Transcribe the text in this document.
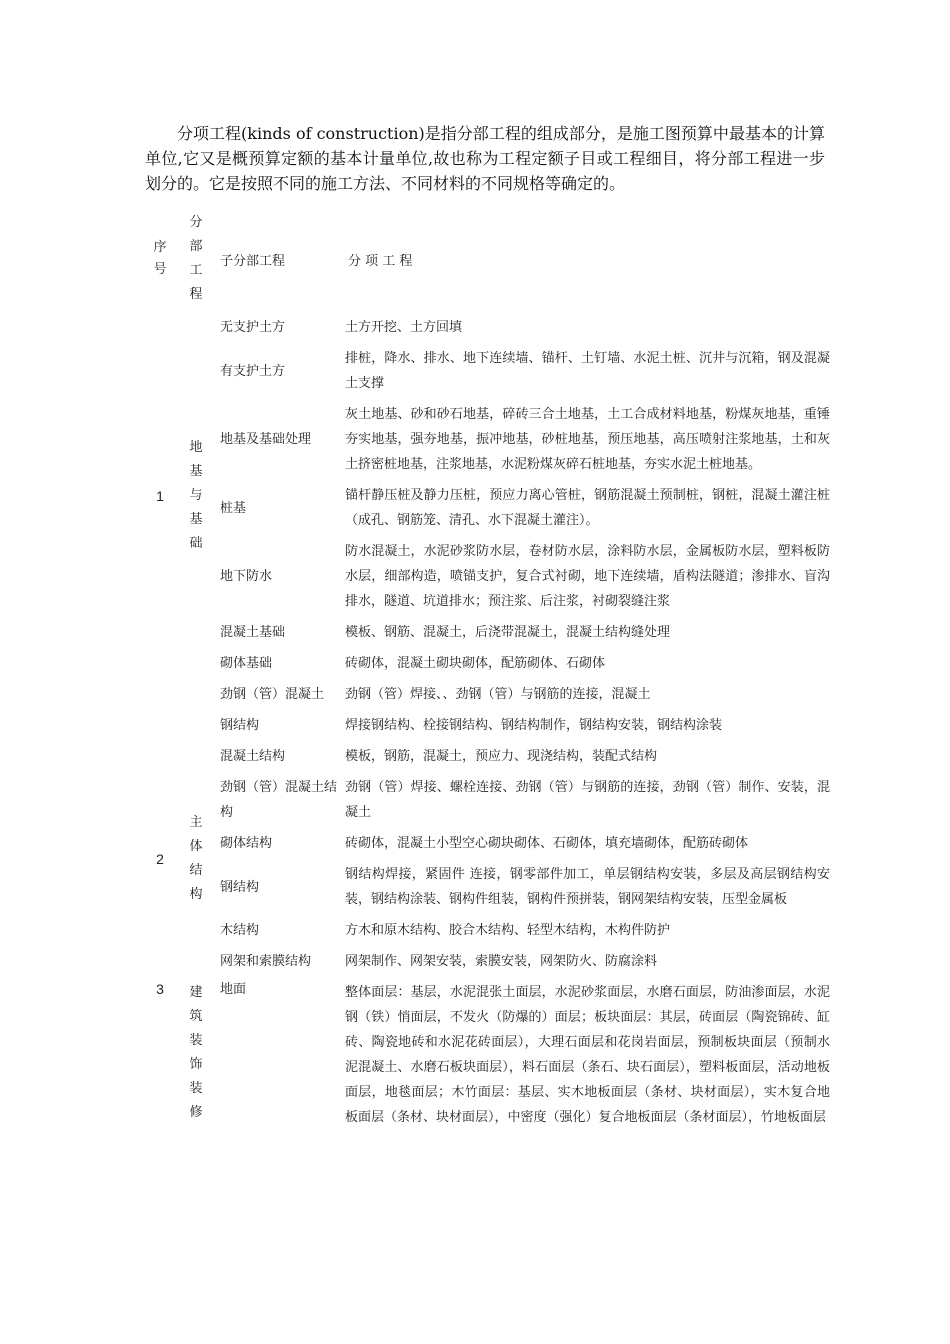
分项工程(kinds of construction)是指分部工程的组成部分，是施工图预算中最基本的计算单位,它又是概预算定额的基本计量单位,故也称为工程定额子目或工程细目，将分部工程进一步划分的。它是按照不同的施工方法、不同材料的不同规格等确定的。

序号	分部工程	子分部工程	分 项 工 程

1	地基与基础	无支护土方	土方开挖、土方回填
		有支护土方	排桩，降水、排水、地下连续墙、锚杆、土钉墙、水泥土桩、沉井与沉箱，钢及混凝土支撑
		地基及基础处理	灰土地基、砂和砂石地基，碎砖三合土地基，土工合成材料地基，粉煤灰地基，重锤夯实地基，强夯地基，振冲地基，砂桩地基，预压地基，高压喷射注浆地基，土和灰土挤密桩地基，注浆地基，水泥粉煤灰碎石桩地基，夯实水泥土桩地基。
		桩基	锚杆静压桩及静力压桩，预应力离心管桩，钢筋混凝土预制桩，钢桩，混凝土灌注桩（成孔、钢筋笼、清孔、水下混凝土灌注）。
		地下防水	防水混凝土，水泥砂浆防水层，卷材防水层，涂料防水层，金属板防水层，塑料板防水层，细部构造，喷锚支护，复合式衬砌，地下连续墙，盾构法隧道；渗排水、盲沟排水，隧道、坑道排水；预注浆、后注浆，衬砌裂缝注浆
		混凝土基础	模板、钢筋、混凝土，后浇带混凝土，混凝土结构缝处理
		砌体基础	砖砌体，混凝土砌块砌体，配筋砌体、石砌体
		劲钢（管）混凝土	劲钢（管）焊接、、劲钢（管）与钢筋的连接，混凝土
		钢结构	焊接钢结构、栓接钢结构、钢结构制作，钢结构安装，钢结构涂装
2	主体结构	混凝土结构	模板，钢筋，混凝土，预应力、现浇结构，装配式结构
		劲钢（管）混凝土结构	劲钢（管）焊接、螺栓连接、劲钢（管）与钢筋的连接，劲钢（管）制作、安装，混凝土
		砌体结构	砖砌体，混凝土小型空心砌块砌体、石砌体，填充墙砌体，配筋砖砌体
		钢结构	钢结构焊接，紧固件 连接，钢零部件加工，单层钢结构安装，多层及高层钢结构安装，钢结构涂装、钢构件组装，钢构件预拼装，钢网架结构安装，压型金属板
		木结构	方木和原木结构、胶合木结构、轻型木结构，木构件防护
		网架和索膜结构	网架制作、网架安装，索膜安装，网架防火、防腐涂料
3	建筑装饰装修	地面	整体面层：基层，水泥混张土面层，水泥砂浆面层，水磨石面层，防油渗面层，水泥钢（铁）悄面层，不发火（防爆的）面层；板块面层：其层，砖面层（陶瓷锦砖、缸砖、陶瓷地砖和水泥花砖面层），大理石面层和花岗岩面层，预制板块面层（预制水泥混凝土、水磨石板块面层），料石面层（条石、块石面层），塑料板面层，活动地板面层，地毯面层；木竹面层：基层、实木地板面层（条材、块材面层），实木复合地板面层（条材、块材面层），中密度（强化）复合地板面层（条材面层），竹地板面层
